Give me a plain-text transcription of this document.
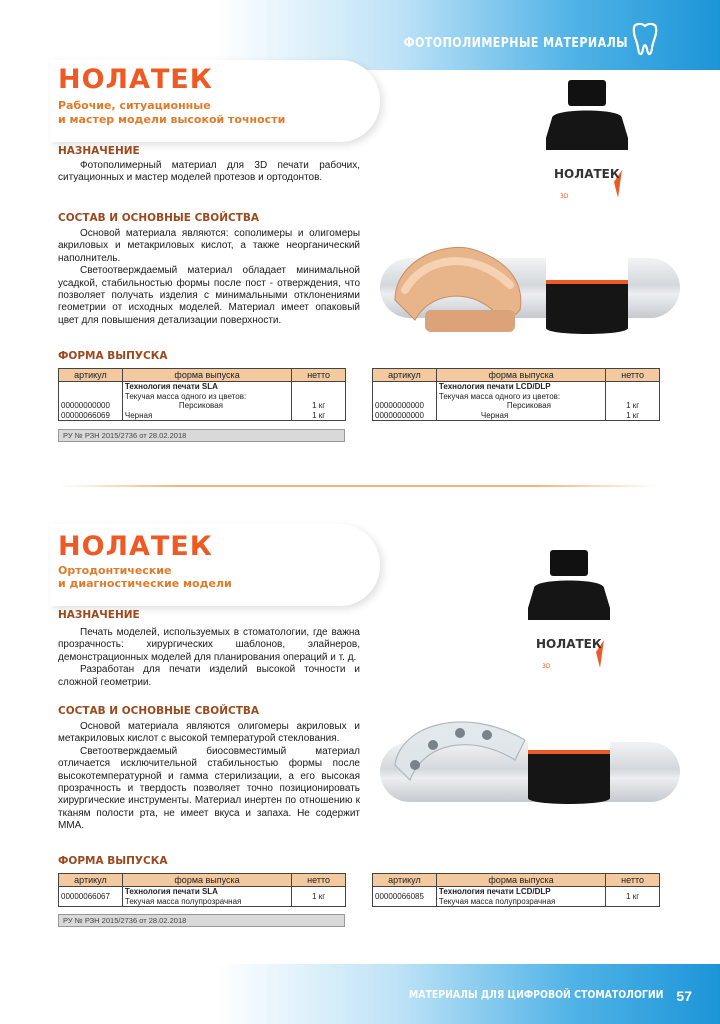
ФОТОПОЛИМЕРНЫЕ МАТЕРИАЛЫ
НОЛАТЕК
Рабочие, ситуационные
и мастер модели высокой точности
НАЗНАЧЕНИЕ

Фотополимерный материал для 3D печати рабочих, ситуационных и мастер моделей протезов и ортодонтов.

СОСТАВ И ОСНОВНЫЕ СВОЙСТВА

Основой материала являются: сополимеры и олигомеры акриловых и метакриловых кислот, а также неорганический наполнитель.

Светоотверждаемый материал обладает минимальной усадкой, стабильностью формы после пост - отверждения, что позволяет получать изделия с минимальными отклонениями геометрии от исходных моделей. Материал имеет опаковый цвет для повышения детализации поверхности.

НОЛАТЕК
3D
ФОРМА ВЫПУСКА
артикул	форма выпуска	нетто
	Технология печати SLA	
	Текучая масса одного из цветов:	
00000000000	Персиковая	1 кг
00000066069	Черная	1 кг
РУ № РЗН 2015/2736 от 28.02.2018
артикул	форма выпуска	нетто
	Технология печати LCD/DLP	
	Текучая масса одного из цветов:	
00000000000	Персиковая	1 кг
00000000000	Черная	1 кг
НОЛАТЕК
Ортодонтические
и диагностические модели
НАЗНАЧЕНИЕ

Печать моделей, используемых в стоматологии, где важна прозрачность: хирургических шаблонов, элайнеров, демонстрационных моделей для планирования операций и т. д.

Разработан для печати изделий высокой точности и сложной геометрии.

СОСТАВ И ОСНОВНЫЕ СВОЙСТВА

Основой материала являются олигомеры акриловых и метакриловых кислот с высокой температурой стеклования.

Светоотверждаемый биосовместимый материал отличается исключительной стабильностью формы после высокотемпературной и гамма стерилизации, а его высокая прозрачность и твердость позволяет точно позиционировать хирургические инструменты. Материал инертен по отношению к тканям полости рта, не имеет вкуса и запаха. Не содержит ММА.

НОЛАТЕК
3D
ФОРМА ВЫПУСКА
артикул	форма выпуска	нетто
	Технология печати SLA	
00000066067	Текучая масса полупрозрачная	1 кг
РУ № РЗН 2015/2736 от 28.02.2018
артикул	форма выпуска	нетто
	Технология печати LCD/DLP	
00000066085	Текучая масса полупрозрачная	1 кг
МАТЕРИАЛЫ ДЛЯ ЦИФРОВОЙ СТОМАТОЛОГИИ 57
